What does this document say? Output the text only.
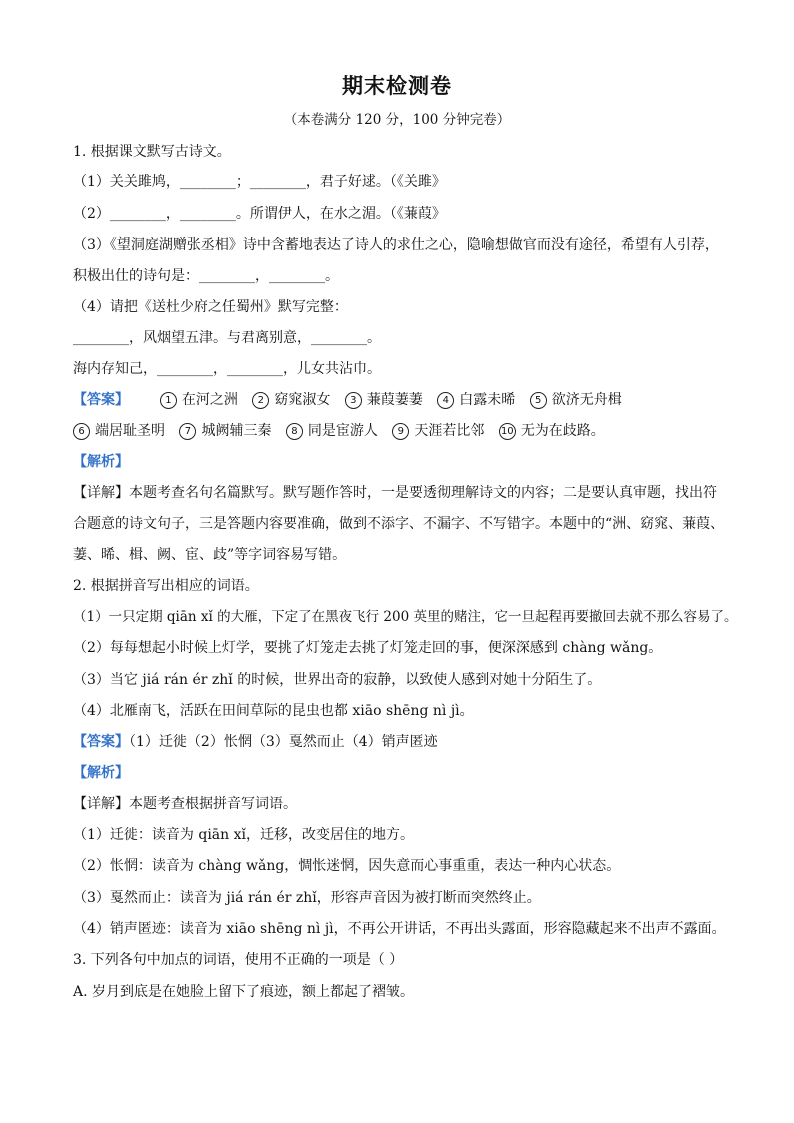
期末检测卷
（本卷满分 120 分，100 分钟完卷）
1. 根据课文默写古诗文。
（1）关关雎鸠，________；________，君子好逑。（《关雎》
（2）________，________。所谓伊人，在水之湄。（《蒹葭》
（3）《望洞庭湖赠张丞相》诗中含蓄地表达了诗人的求仕之心，隐喻想做官而没有途径，希望有人引荐，
积极出仕的诗句是：________，________。
（4）请把《送杜少府之任蜀州》默写完整：
________，风烟望五津。与君离别意，________。
海内存知己，________，________，儿女共沾巾。
【答案】	1 在河之洲 2 窈窕淑女 3 蒹葭萋萋 4 白露未晞 5 欲济无舟楫
6 端居耻圣明 7 城阙辅三秦 8 同是宦游人 9 天涯若比邻 10 无为在歧路。
【解析】
【详解】本题考查名句名篇默写。默写题作答时，一是要透彻理解诗文的内容；二是要认真审题，找出符
合题意的诗文句子，三是答题内容要准确，做到不添字、不漏字、不写错字。本题中的“洲、窈窕、蒹葭、
萋、晞、楫、阙、宦、歧”等字词容易写错。
2. 根据拼音写出相应的词语。
（1）一只定期 qiān xǐ 的大雁，下定了在黑夜飞行 200 英里的赌注，它一旦起程再要撤回去就不那么容易了。
（2）每每想起小时候上灯学，要挑了灯笼走去挑了灯笼走回的事，便深深感到 chàng wǎng。
（3）当它 jiá rán ér zhǐ 的时候，世界出奇的寂静，以致使人感到对她十分陌生了。
（4）北雁南飞，活跃在田间草际的昆虫也都 xiāo shēng nì jì。
【答案】（1）迁徙（2）怅惘（3）戛然而止（4）销声匿迹
【解析】
【详解】本题考查根据拼音写词语。
（1）迁徙：读音为 qiān xǐ，迁移，改变居住的地方。
（2）怅惘：读音为 chàng wǎng，惆怅迷惘，因失意而心事重重，表达一种内心状态。
（3）戛然而止：读音为 jiá rán ér zhǐ，形容声音因为被打断而突然终止。
（4）销声匿迹：读音为 xiāo shēng nì jì，不再公开讲话，不再出头露面，形容隐藏起来不出声不露面。
3. 下列各句中加点的词语，使用不正确的一项是（ ）
A. 岁月到底是在她脸上留下了痕迹，额上都起了褶皱。
